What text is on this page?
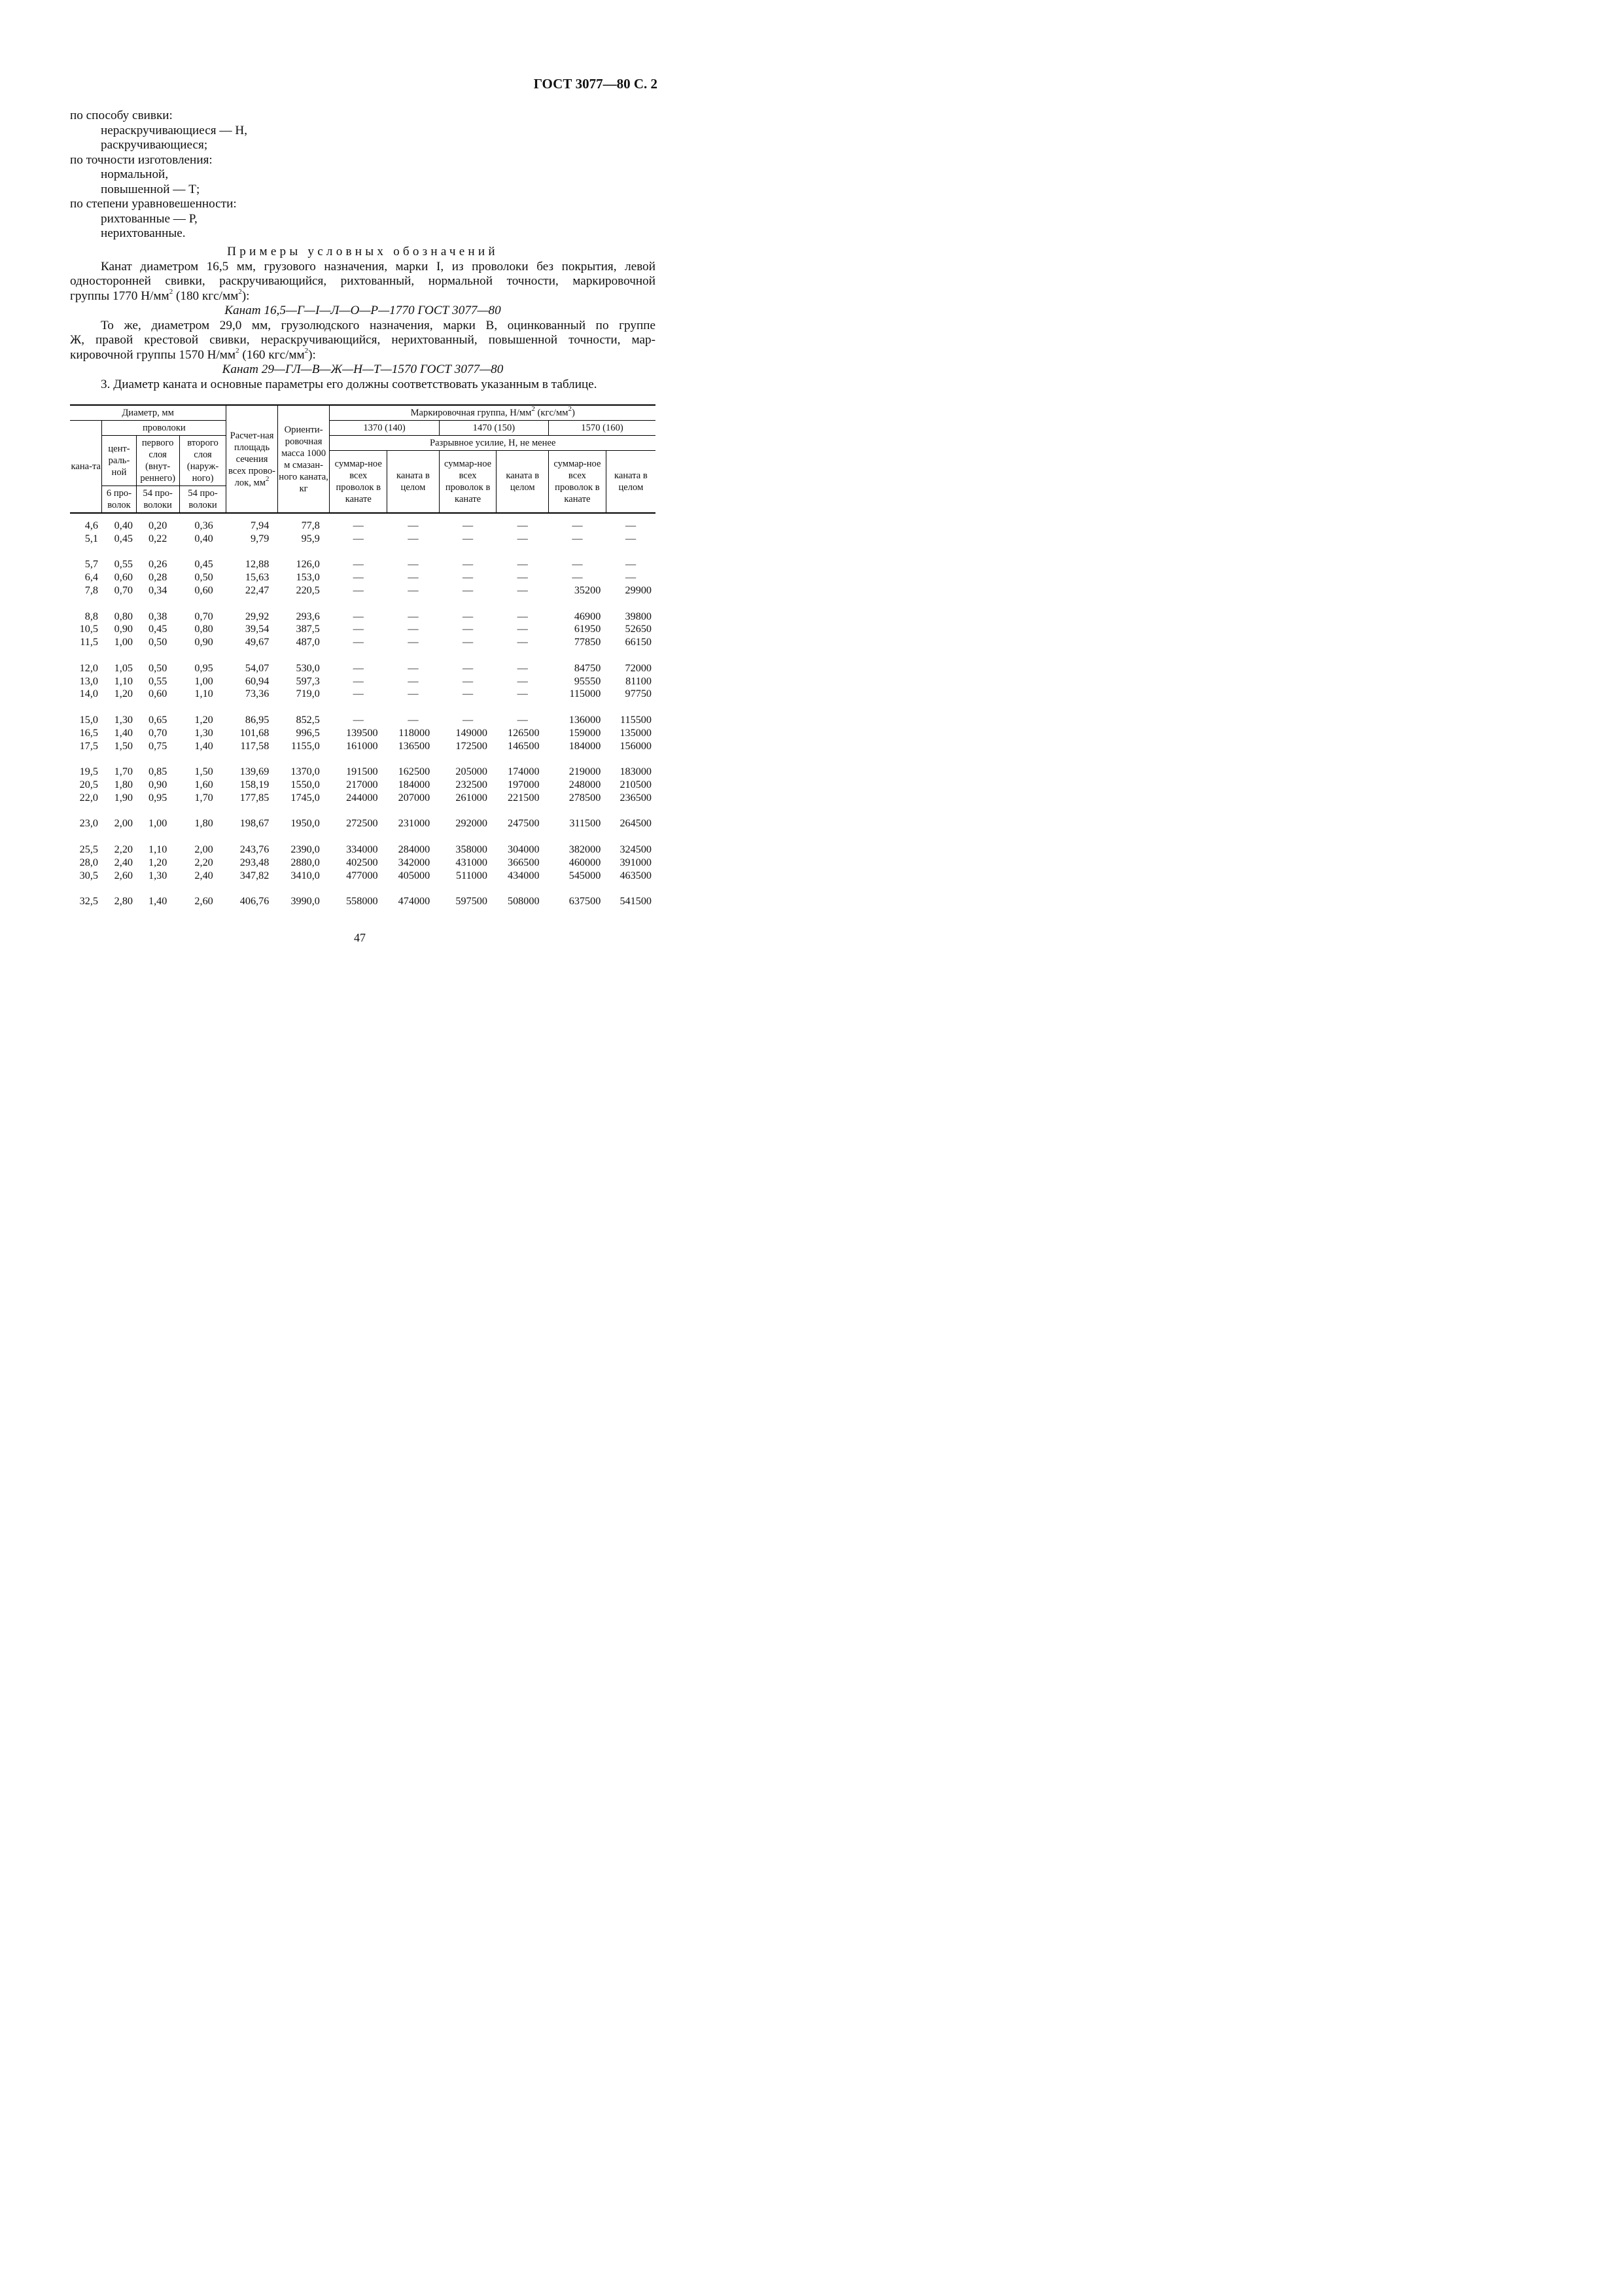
ГОСТ 3077—80 С. 2
по способу свивки:
нераскручивающиеся — Н,
раскручивающиеся;
по точности изготовления:
нормальной,
повышенной — Т;
по степени уравновешенности:
рихтованные — Р,
нерихтованные.
Примеры условных обозначений
Канат диаметром 16,5 мм, грузового назначения, марки I, из проволоки без покрытия, левой
односторонней свивки, раскручивающийся, рихтованный, нормальной точности, маркировочной
группы 1770 $Н/мм^2$ (180 кгс/$мм^2$):
Канат 16,5—Г—I—Л—О—Р—1770 ГОСТ 3077—80
То же, диаметром 29,0 мм, грузолюдского назначения, марки В, оцинкованный по группе
Ж, правой крестовой свивки, нераскручивающийся, нерихтованный, повышенной точности, мар-
кировочной группы 1570 $Н/мм^2$ (160 кгс/$мм^2$):
Канат 29—ГЛ—В—Ж—Н—Т—1570 ГОСТ 3077—80
3. Диаметр каната и основные параметры его должны соответствовать указанным в таблице.
Диаметр, мм				Расчет-ная площадь сечения всех прово-лок, $мм^2$	Ориенти-ровочная масса 1000 м смазан-ного каната, кг	Маркировочная группа, $Н/мм^2$ $(кгс/мм^2)$					
кана-та	проволоки					1370 (140)		1470 (150)		1570 (160)	
	цент-раль-ной	первого слоя (внут-реннего)	второго слоя (наруж-ного)			Разрывное усилие, Н, не менее					
						суммар-ное всех проволок в канате	каната в целом	суммар-ное всех проволок в канате	каната в целом	суммар-ное всех проволок в канате	каната в целом
	6 про-волок	54 про-волоки	54 про-волоки								
4,6	0,40	0,20	0,36	7,94	77,8	—	—	—	—	—	—
5,1	0,45	0,22	0,40	9,79	95,9	—	—	—	—	—	—
5,7	0,55	0,26	0,45	12,88	126,0	—	—	—	—	—	—
6,4	0,60	0,28	0,50	15,63	153,0	—	—	—	—	—	—
7,8	0,70	0,34	0,60	22,47	220,5	—	—	—	—	35200	29900
8,8	0,80	0,38	0,70	29,92	293,6	—	—	—	—	46900	39800
10,5	0,90	0,45	0,80	39,54	387,5	—	—	—	—	61950	52650
11,5	1,00	0,50	0,90	49,67	487,0	—	—	—	—	77850	66150
12,0	1,05	0,50	0,95	54,07	530,0	—	—	—	—	84750	72000
13,0	1,10	0,55	1,00	60,94	597,3	—	—	—	—	95550	81100
14,0	1,20	0,60	1,10	73,36	719,0	—	—	—	—	115000	97750
15,0	1,30	0,65	1,20	86,95	852,5	—	—	—	—	136000	115500
16,5	1,40	0,70	1,30	101,68	996,5	139500	118000	149000	126500	159000	135000
17,5	1,50	0,75	1,40	117,58	1155,0	161000	136500	172500	146500	184000	156000
19,5	1,70	0,85	1,50	139,69	1370,0	191500	162500	205000	174000	219000	183000
20,5	1,80	0,90	1,60	158,19	1550,0	217000	184000	232500	197000	248000	210500
22,0	1,90	0,95	1,70	177,85	1745,0	244000	207000	261000	221500	278500	236500
23,0	2,00	1,00	1,80	198,67	1950,0	272500	231000	292000	247500	311500	264500
25,5	2,20	1,10	2,00	243,76	2390,0	334000	284000	358000	304000	382000	324500
28,0	2,40	1,20	2,20	293,48	2880,0	402500	342000	431000	366500	460000	391000
30,5	2,60	1,30	2,40	347,82	3410,0	477000	405000	511000	434000	545000	463500
32,5	2,80	1,40	2,60	406,76	3990,0	558000	474000	597500	508000	637500	541500
47
